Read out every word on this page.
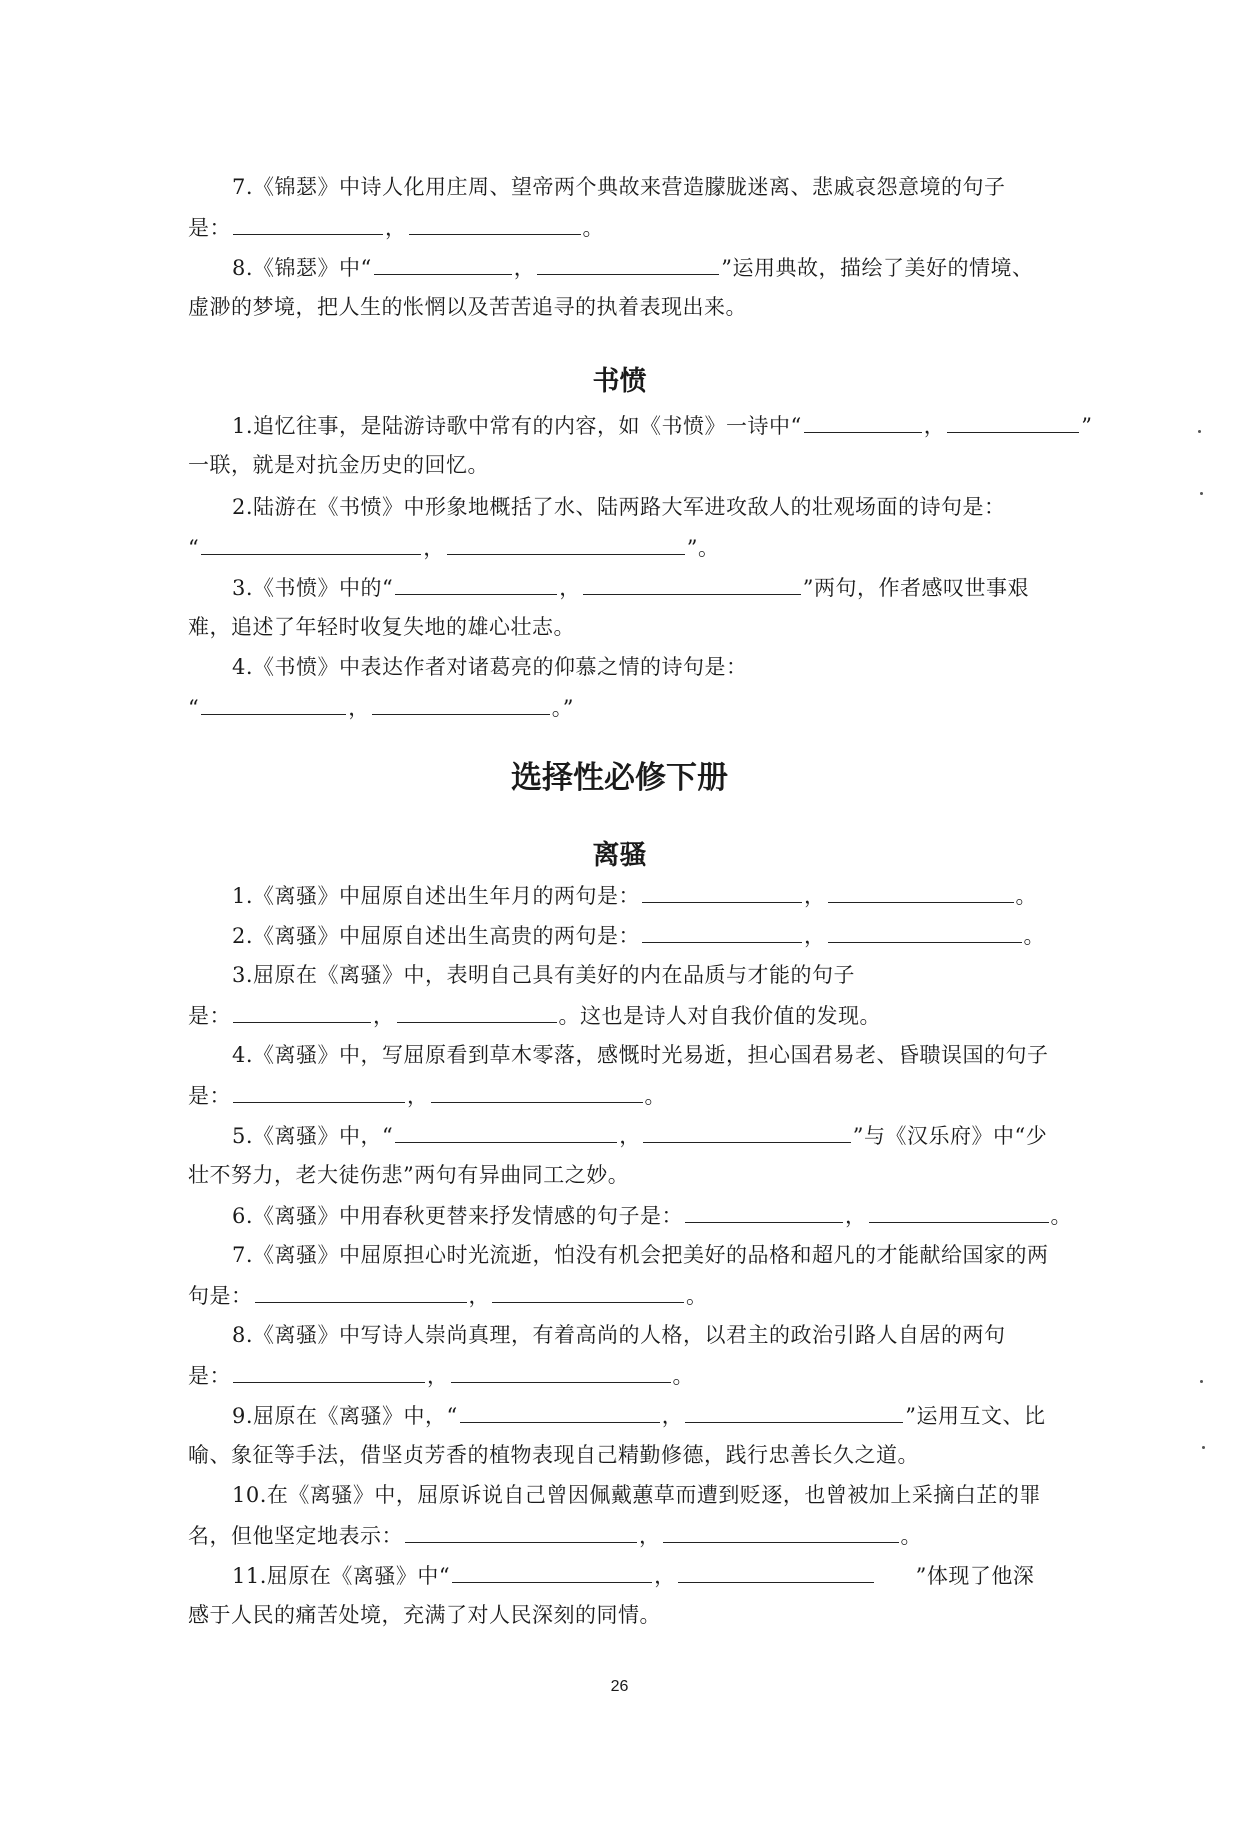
7.《锦瑟》中诗人化用庄周、望帝两个典故来营造朦胧迷离、悲戚哀怨意境的句子
是：	，	。
8.《锦瑟》中“	，	”运用典故，描绘了美好的情境、
虚渺的梦境，把人生的怅惘以及苦苦追寻的执着表现出来。
书愤
1.追忆往事，是陆游诗歌中常有的内容，如《书愤》一诗中“	，	”
一联，就是对抗金历史的回忆。
2.陆游在《书愤》中形象地概括了水、陆两路大军进攻敌人的壮观场面的诗句是：
“	，	”。
3.《书愤》中的“	，	”两句，作者感叹世事艰
难，追述了年轻时收复失地的雄心壮志。
4.《书愤》中表达作者对诸葛亮的仰慕之情的诗句是：
“	，	。”
选择性必修下册
离骚
1.《离骚》中屈原自述出生年月的两句是：	，	。
2.《离骚》中屈原自述出生高贵的两句是：	，	。
3.屈原在《离骚》中，表明自己具有美好的内在品质与才能的句子
是：	，	。这也是诗人对自我价值的发现。
4.《离骚》中，写屈原看到草木零落，感慨时光易逝，担心国君易老、昏聩误国的句子
是：	，	。
5.《离骚》中，“	，	”与《汉乐府》中“少
壮不努力，老大徒伤悲”两句有异曲同工之妙。
6.《离骚》中用春秋更替来抒发情感的句子是：	，	。
7.《离骚》中屈原担心时光流逝，怕没有机会把美好的品格和超凡的才能献给国家的两
句是：	，	。
8.《离骚》中写诗人崇尚真理，有着高尚的人格，以君主的政治引路人自居的两句
是：	，	。
9.屈原在《离骚》中，“	，	”运用互文、比
喻、象征等手法，借坚贞芳香的植物表现自己精勤修德，践行忠善长久之道。
10.在《离骚》中，屈原诉说自己曾因佩戴蕙草而遭到贬逐，也曾被加上采摘白芷的罪
名，但他坚定地表示：	，	。
11.屈原在《离骚》中“	，	”体现了他深
感于人民的痛苦处境，充满了对人民深刻的同情。
26
